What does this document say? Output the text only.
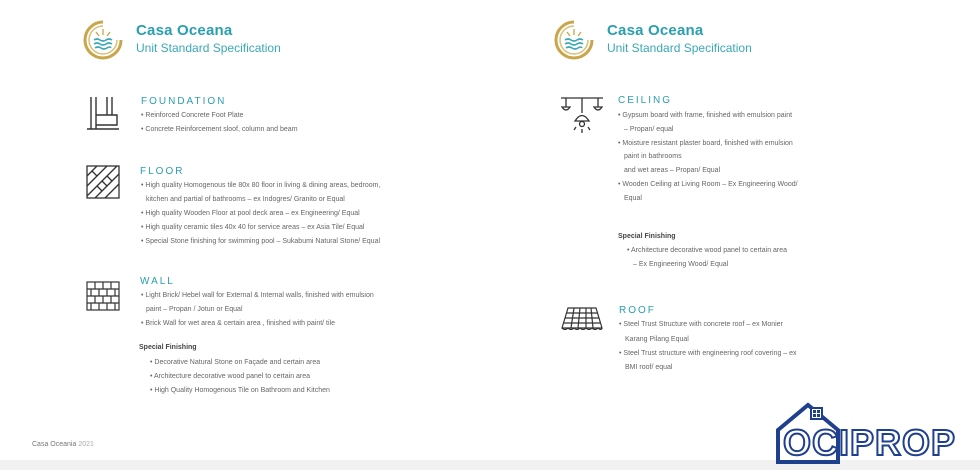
Casa Oceana
Unit Standard Specification
FOUNDATION
• Reinforced Concrete Foot Plate
• Concrete Reinforcement sloof, column and beam
FLOOR
• High quality Homogenous tile 80x 80 floor in living & dining areas, bedroom,
kitchen and partial of bathrooms – ex Indogres/ Granito or Equal
• High quality Wooden Floor at pool deck area – ex Engineering/ Equal
• High quality ceramic tiles 40x 40 for service areas – ex Asia Tile/ Equal
• Special Stone finishing for swimming pool – Sukabumi Natural Stone/ Equal
WALL
• Light Brick/ Hebel wall for External & Internal walls, finished with emulsion
paint – Propan / Jotun or Equal
• Brick Wall for wet area & certain area , finished with paint/ tile
Special Finishing
• Decorative Natural Stone on Façade and certain area
• Architecture decorative wood panel to certain area
• High Quality Homogenous Tile on Bathroom and Kitchen
Casa Oceania 2021
Casa Oceana
Unit Standard Specification
CEILING
• Gypsum board with frame, finished with emulsion paint
– Propan/ equal
• Moisture resistant plaster board, finished with emulsion
paint in bathrooms
and wet areas – Propan/ Equal
• Wooden Ceiling at Living Room – Ex Engineering Wood/
Equal
Special Finishing
• Architecture decorative wood panel to certain area
– Ex Engineering Wood/ Equal
ROOF
• Steel Trust Structure with concrete roof – ex Monier
Karang Pilang Equal
• Steel Trust structure with engineering roof covering – ex
BMI roof/ equal
OCIPROP
